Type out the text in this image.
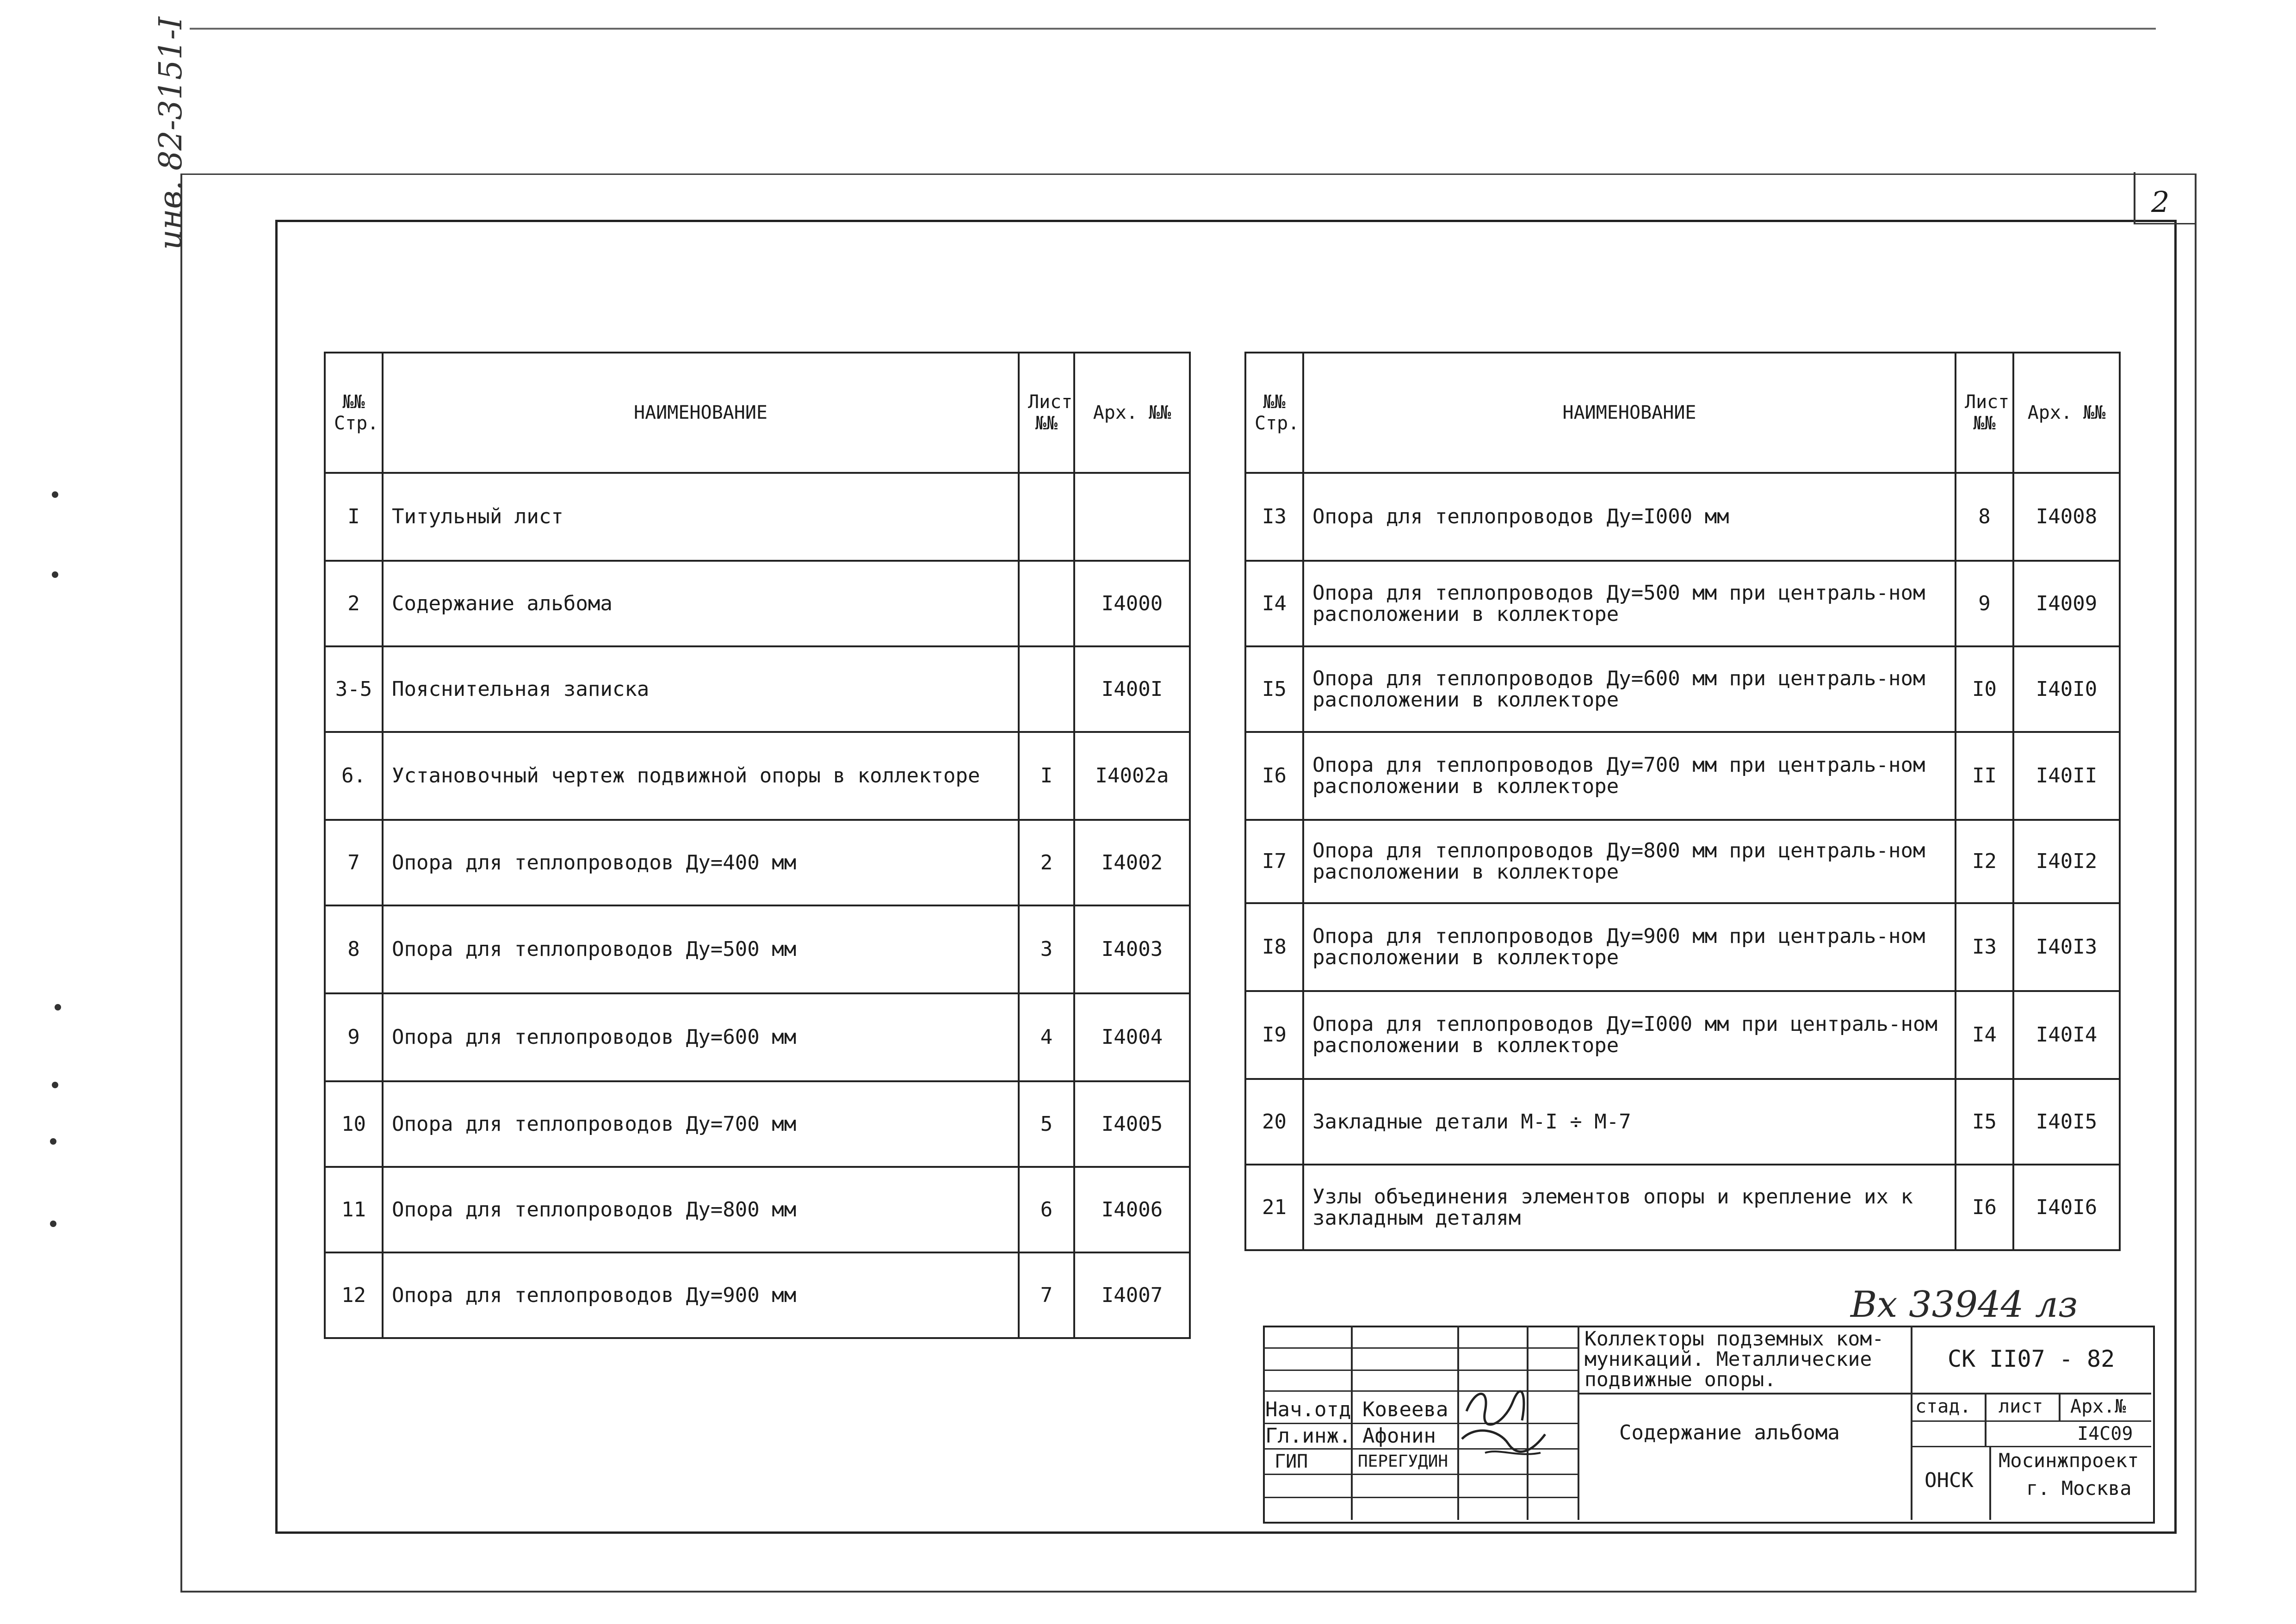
2
инв. 82-3151-I
№№ Стр.	НАИМЕНОВАНИЕ	Лист №№	Арх. №№
I	Титульный лист		
2	Содержание альбома		I4000
3-5	Пояснительная записка		I400I
6.	Установочный чертеж подвижной опоры в коллекторе	I	I4002а
7	Опора для теплопроводов Ду=400 мм	2	I4002
8	Опора для теплопроводов Ду=500 мм	3	I4003
9	Опора для теплопроводов Ду=600 мм	4	I4004
10	Опора для теплопроводов Ду=700 мм	5	I4005
11	Опора для теплопроводов Ду=800 мм	6	I4006
12	Опора для теплопроводов Ду=900 мм	7	I4007
№№ Стр.	НАИМЕНОВАНИЕ	Лист №№	Арх. №№
I3	Опора для теплопроводов Ду=I000 мм	8	I4008
I4	Опора для теплопроводов Ду=500 мм при централь-ном расположении в коллекторе	9	I4009
I5	Опора для теплопроводов Ду=600 мм при централь-ном расположении в коллекторе	I0	I40I0
I6	Опора для теплопроводов Ду=700 мм при централь-ном расположении в коллекторе	II	I40II
I7	Опора для теплопроводов Ду=800 мм при централь-ном расположении в коллекторе	I2	I40I2
I8	Опора для теплопроводов Ду=900 мм при централь-ном расположении в коллекторе	I3	I40I3
I9	Опора для теплопроводов Ду=I000 мм при централь-ном расположении в коллекторе	I4	I40I4
20	Закладные детали М-I ÷ М-7	I5	I40I5
21	Узлы объединения элементов опоры и крепление их к закладным деталям	I6	I40I6
Вх 33944 лз
Нач.отд Ковеева
Гл.инж. Афонин
ГИП	ПЕРЕГУДИН
Коллекторы подземных ком-муникаций. Металлические подвижные опоры.
СК II07 - 82
Содержание альбома
стад. лист Арх.№
I4C09
ОНСК
Мосинжпроект
г. Москва
